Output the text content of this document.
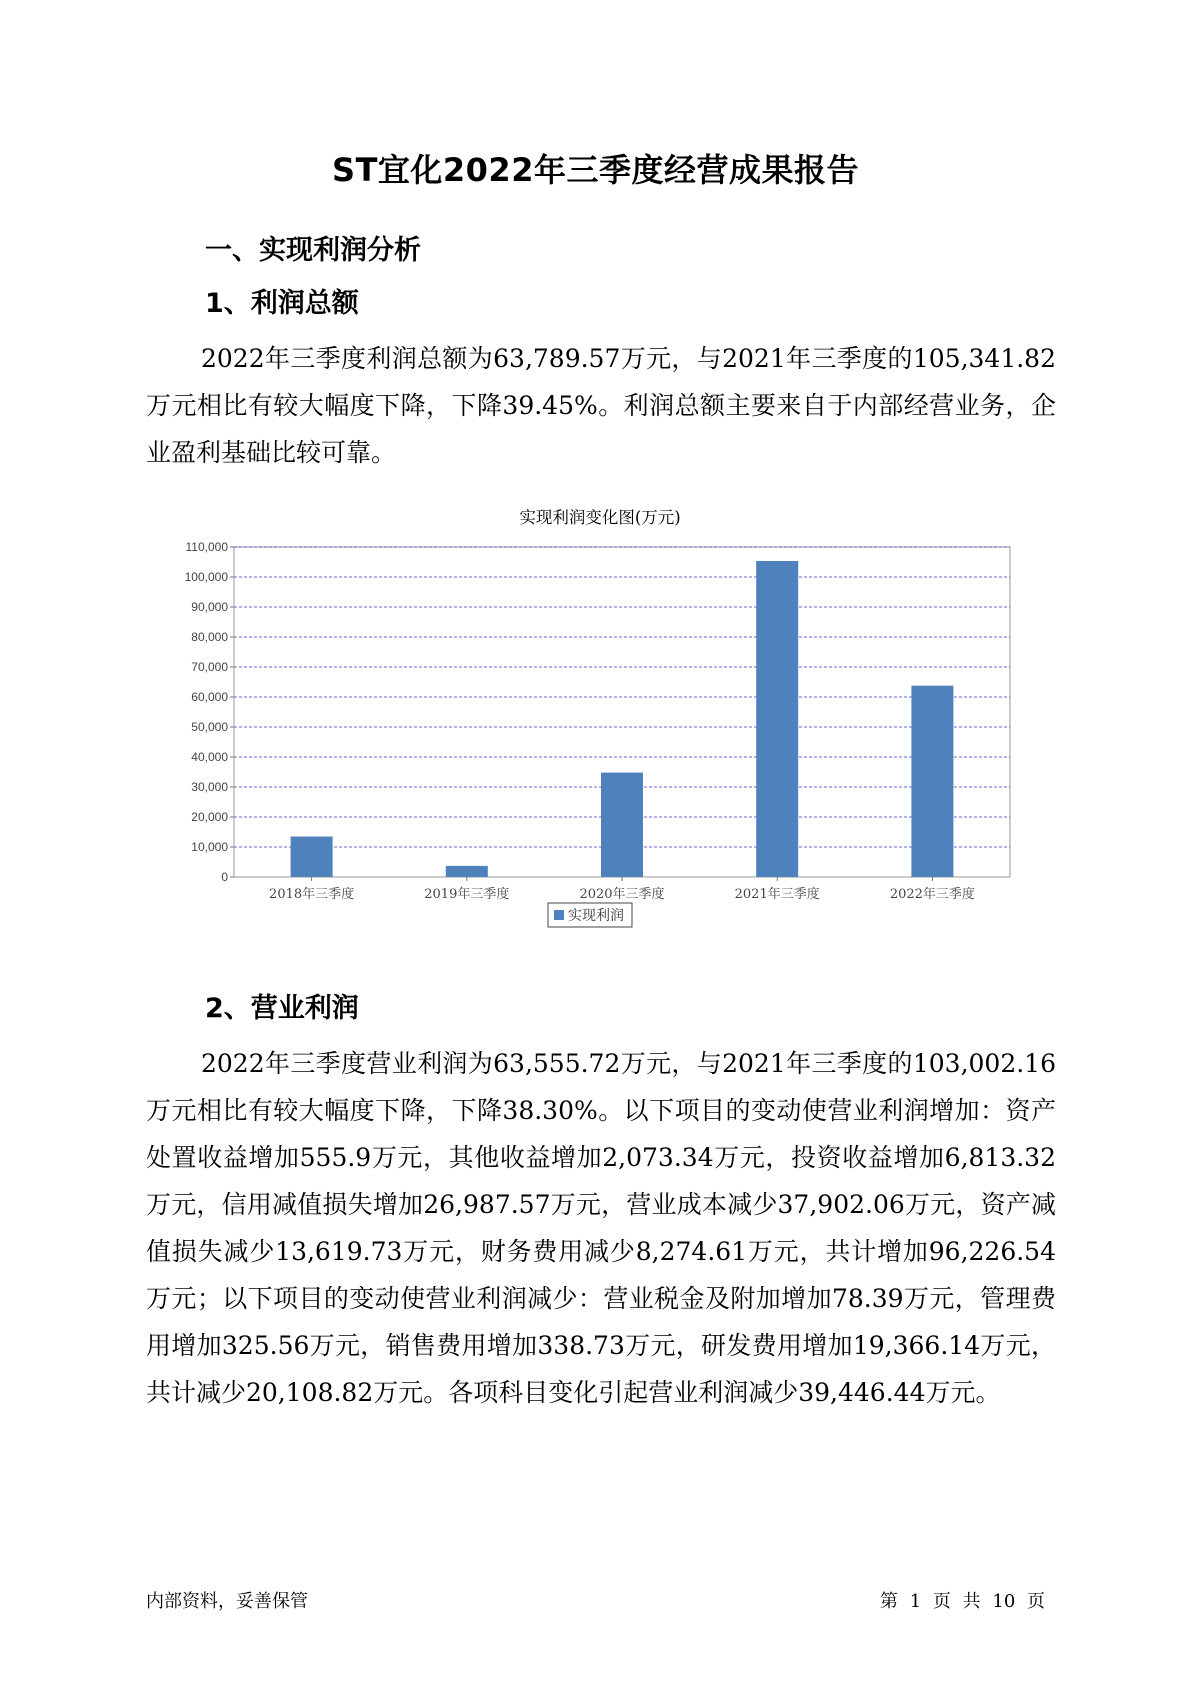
ST宜化2022年三季度经营成果报告
一、实现利润分析
1、利润总额

2022年三季度利润总额为63,789.57万元，与2021年三季度的105,341.82万元相比有较大幅度下降，下降39.45%。利润总额主要来自于内部经营业务，企业盈利基础比较可靠。

实现利润变化图(万元)
0
10,000
20,000
30,000
40,000
50,000
60,000
70,000
80,000
90,000
100,000
110,000
2018年三季度	2019年三季度	2020年三季度	2021年三季度	2022年三季度
实现利润
2、营业利润

2022年三季度营业利润为63,555.72万元，与2021年三季度的103,002.16万元相比有较大幅度下降，下降38.30%。以下项目的变动使营业利润增加：资产处置收益增加555.9万元，其他收益增加2,073.34万元，投资收益增加6,813.32万元，信用减值损失增加26,987.57万元，营业成本减少37,902.06万元，资产减值损失减少13,619.73万元，财务费用减少8,274.61万元，共计增加96,226.54万元；以下项目的变动使营业利润减少：营业税金及附加增加78.39万元，管理费用增加325.56万元，销售费用增加338.73万元，研发费用增加19,366.14万元，共计减少20,108.82万元。各项科目变化引起营业利润减少39,446.44万元。

内部资料，妥善保管	第 1 页 共 10 页
